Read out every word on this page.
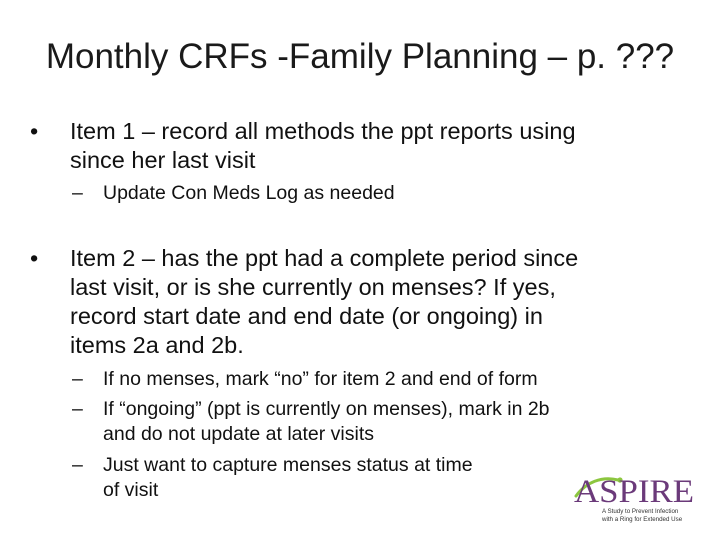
Monthly CRFs -Family Planning – p. ???
• Item 1 – record all methods the ppt reports using
since her last visit
– Update Con Meds Log as needed
• Item 2 – has the ppt had a complete period since
last visit, or is she currently on menses? If yes,
record start date and end date (or ongoing) in
items 2a and 2b.
– If no menses, mark “no” for item 2 and end of form
– If “ongoing” (ppt is currently on menses), mark in 2b
and do not update at later visits
– Just want to capture menses status at time
of visit	ASPIRE
A Study to Prevent Infection
with a Ring for Extended Use
